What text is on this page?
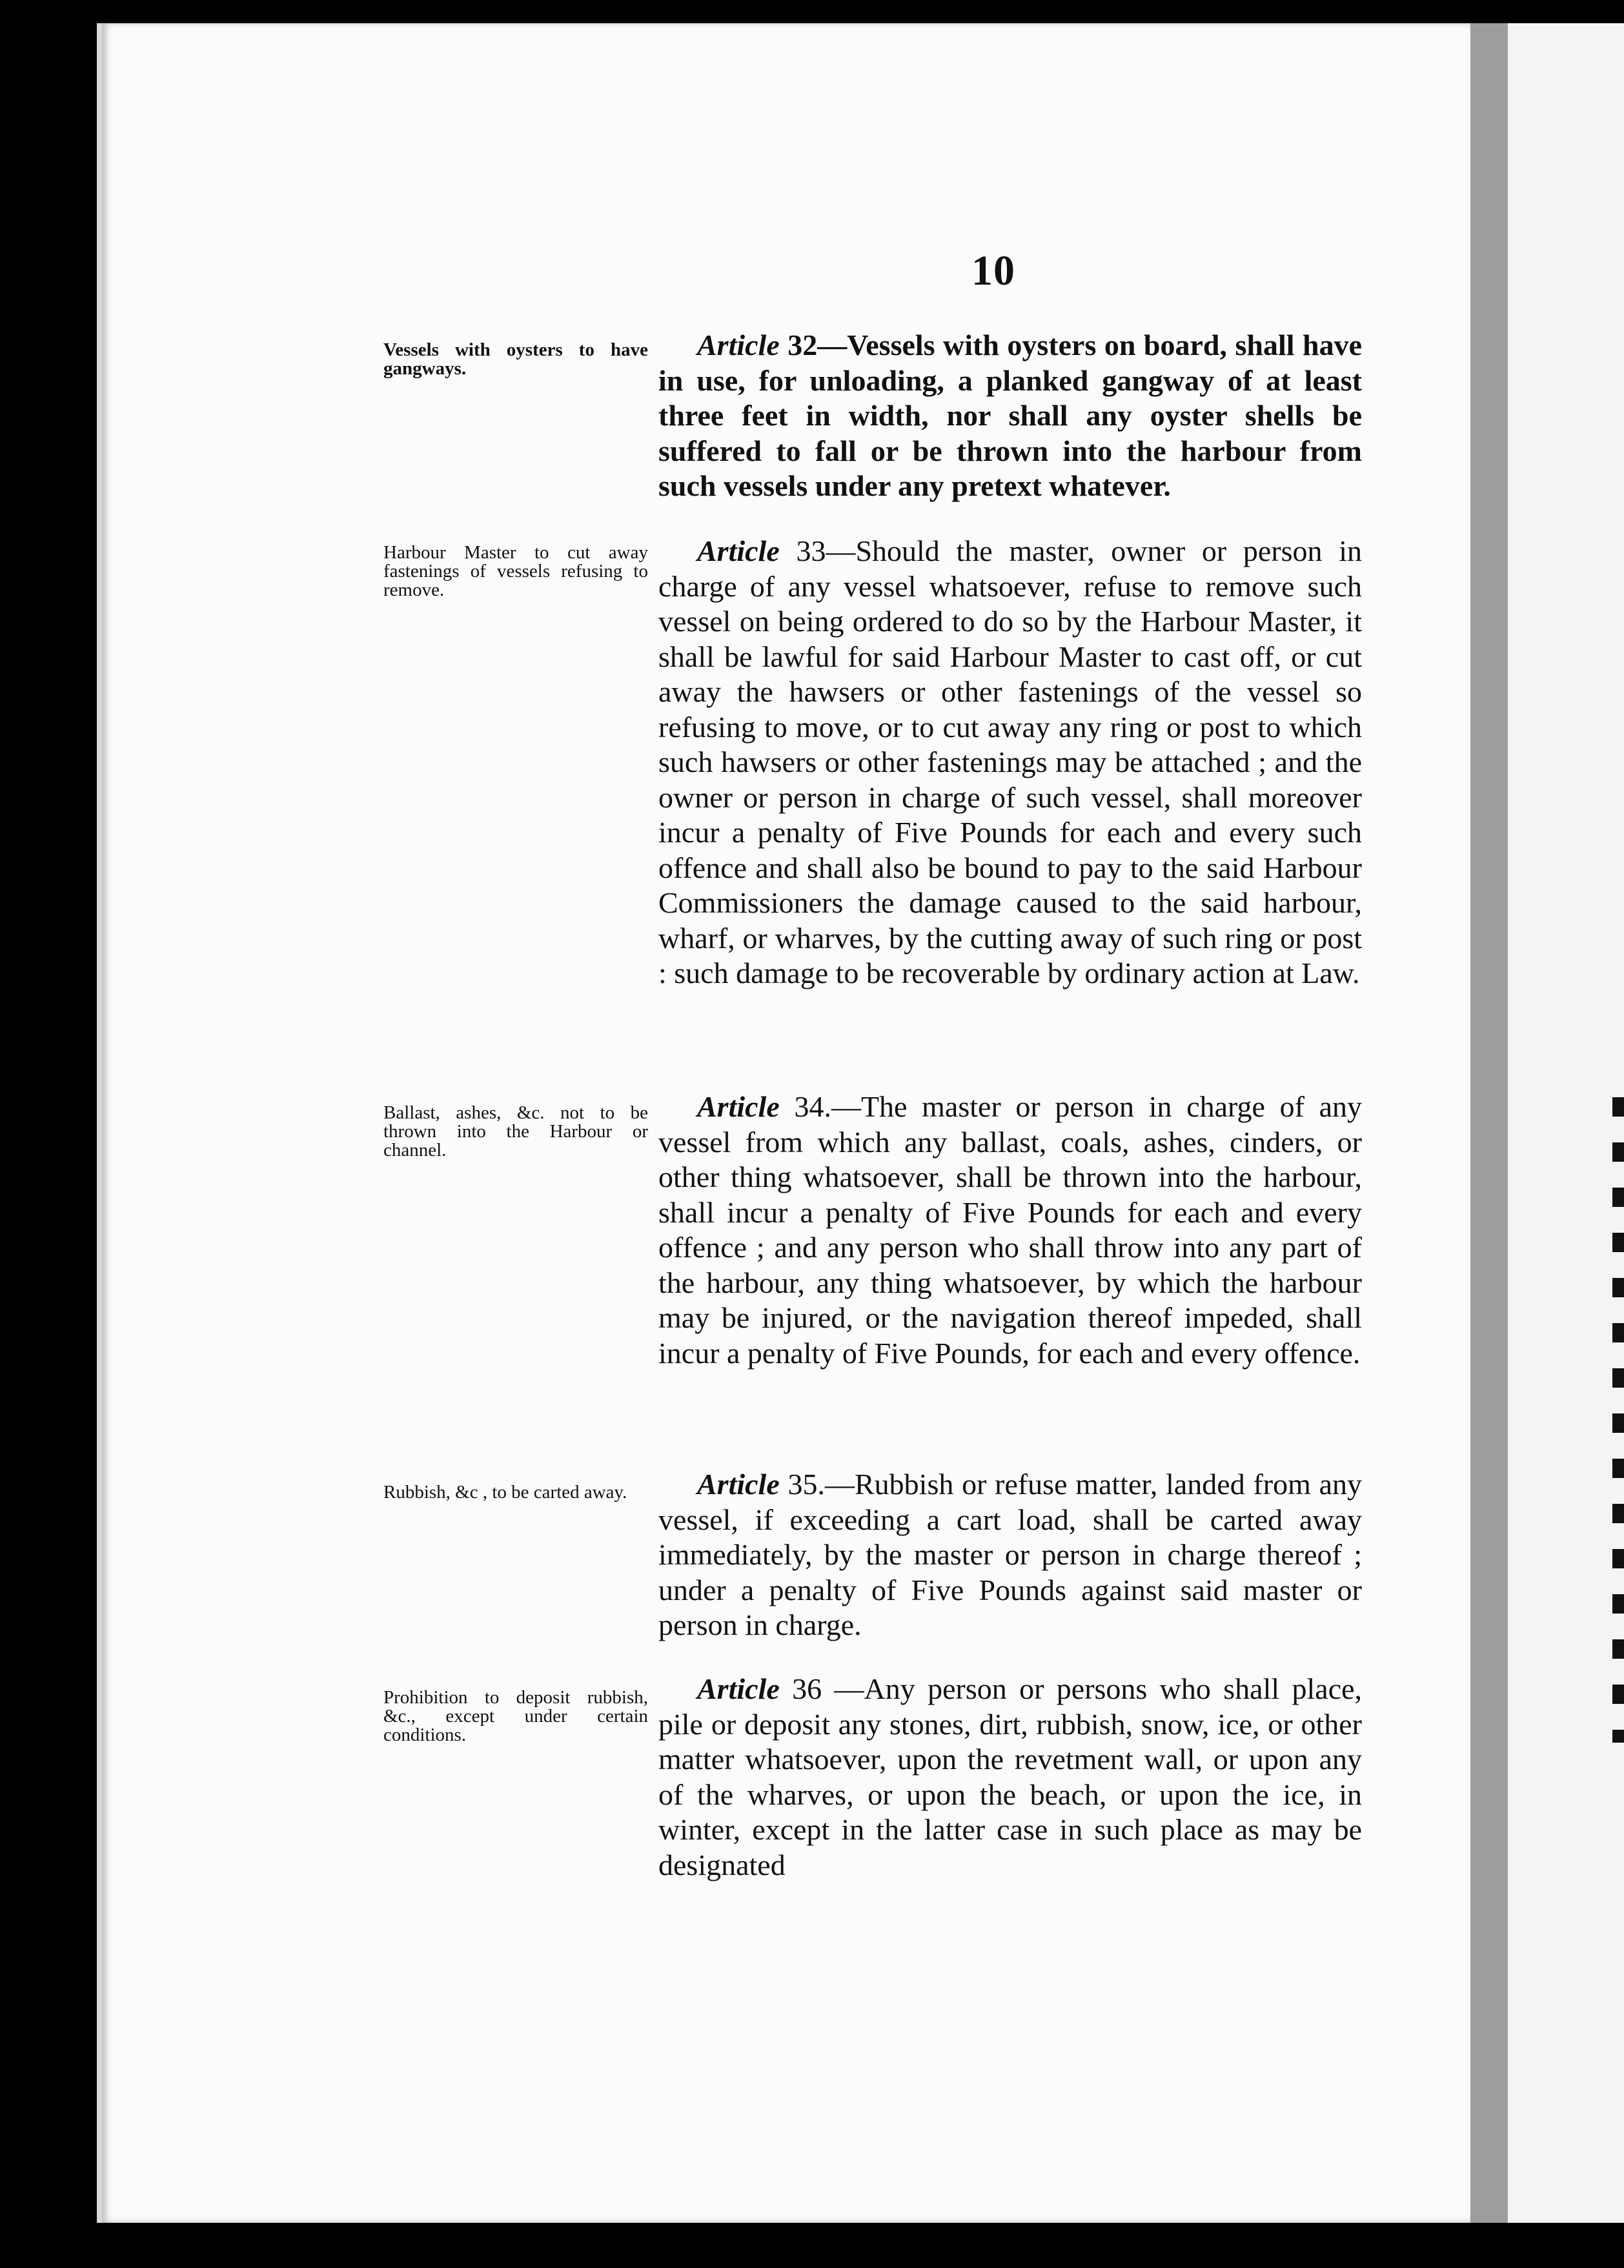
10

Vessels with oysters to have gangways.

Article 32—Vessels with oysters on board, shall have in use, for unloading, a planked gangway of at least three feet in width, nor shall any oyster shells be suffered to fall or be thrown into the harbour from such vessels under any pretext whatever.

Harbour Master to cut away fastenings of vessels refusing to remove.

Article 33—Should the master, owner or person in charge of any vessel whatsoever, refuse to remove such vessel on being ordered to do so by the Harbour Master, it shall be lawful for said Harbour Master to cast off, or cut away the hawsers or other fastenings of the vessel so refusing to move, or to cut away any ring or post to which such hawsers or other fastenings may be attached ; and the owner or person in charge of such vessel, shall moreover incur a penalty of Five Pounds for each and every such offence and shall also be bound to pay to the said Harbour Commissioners the damage caused to the said harbour, wharf, or wharves, by the cutting away of such ring or post : such damage to be recoverable by ordinary action at Law.

Ballast, ashes, &c. not to be thrown into the Harbour or channel.

Article 34.—The master or person in charge of any vessel from which any ballast, coals, ashes, cinders, or other thing whatsoever, shall be thrown into the harbour, shall incur a penalty of Five Pounds for each and every offence ; and any person who shall throw into any part of the harbour, any thing whatsoever, by which the harbour may be injured, or the navigation thereof impeded, shall incur a penalty of Five Pounds, for each and every offence.

Rubbish, &c , to be carted away.	Article 35.—Rubbish or refuse matter, landed from any vessel, if exceeding a cart load, shall be carted away immediately, by the master or person in charge thereof ; under a penalty of Five Pounds against said master or person in charge.

Prohibition to deposit rubbish, &c., except under certain conditions.

Article 36 —Any person or persons who shall place, pile or deposit any stones, dirt, rubbish, snow, ice, or other matter whatsoever, upon the revetment wall, or upon any of the wharves, or upon the beach, or upon the ice, in winter, except in the latter case in such place as may be designated
